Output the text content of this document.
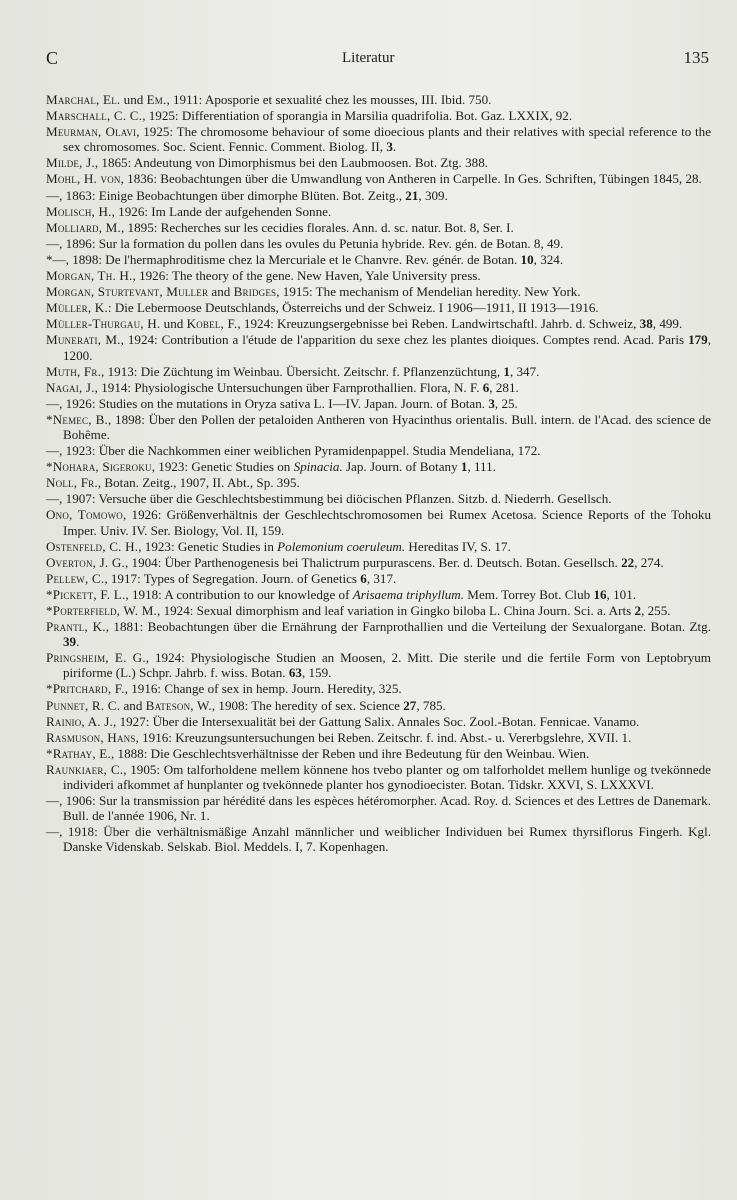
C	Literatur	135

Marchal, El. und Em., 1911: Aposporie et sexualité chez les mousses, III. Ibid. 750.

Marschall, C. C., 1925: Differentiation of sporangia in Marsilia quadrifolia. Bot. Gaz. LXXIX, 92.

Meurman, Olavi, 1925: The chromosome behaviour of some dioecious plants and their relatives with special reference to the sex chromosomes. Soc. Scient. Fennic. Comment. Biolog. II, 3.

Milde, J., 1865: Andeutung von Dimorphismus bei den Laubmoosen. Bot. Ztg. 388.

Mohl, H. von, 1836: Beobachtungen über die Umwandlung von Antheren in Carpelle. In Ges. Schriften, Tübingen 1845, 28.

—, 1863: Einige Beobachtungen über dimorphe Blüten. Bot. Zeitg., 21, 309.

Molisch, H., 1926: Im Lande der aufgehenden Sonne.

Molliard, M., 1895: Recherches sur les cecidies florales. Ann. d. sc. natur. Bot. 8, Ser. I.

—, 1896: Sur la formation du pollen dans les ovules du Petunia hybride. Rev. gén. de Botan. 8, 49.

*—, 1898: De l'hermaphroditisme chez la Mercuriale et le Chanvre. Rev. génér. de Botan. 10, 324.

Morgan, Th. H., 1926: The theory of the gene. New Haven, Yale University press.

Morgan, Sturtevant, Muller and Bridges, 1915: The mechanism of Mendelian heredity. New York.

Müller, K.: Die Lebermoose Deutschlands, Österreichs und der Schweiz. I 1906—1911, II 1913—1916.

Müller-Thurgau, H. und Kobel, F., 1924: Kreuzungsergebnisse bei Reben. Landwirtschaftl. Jahrb. d. Schweiz, 38, 499.

Munerati, M., 1924: Contribution a l'étude de l'apparition du sexe chez les plantes dioiques. Comptes rend. Acad. Paris 179, 1200.

Muth, Fr., 1913: Die Züchtung im Weinbau. Übersicht. Zeitschr. f. Pflanzenzüchtung, 1, 347.

Nagai, J., 1914: Physiologische Untersuchungen über Farnprothallien. Flora, N. F. 6, 281.

—, 1926: Studies on the mutations in Oryza sativa L. I—IV. Japan. Journ. of Botan. 3, 25.

*Nemec, B., 1898: Über den Pollen der petaloiden Antheren von Hyacinthus orientalis. Bull. intern. de l'Acad. des science de Bohême.

—, 1923: Über die Nachkommen einer weiblichen Pyramidenpappel. Studia Mendeliana, 172.

*Nohara, Sigeroku, 1923: Genetic Studies on Spinacia. Jap. Journ. of Botany 1, 111.

Noll, Fr., Botan. Zeitg., 1907, II. Abt., Sp. 395.

—, 1907: Versuche über die Geschlechtsbestimmung bei diöcischen Pflanzen. Sitzb. d. Niederrh. Gesellsch.

Ono, Tomowo, 1926: Größenverhältnis der Geschlechtschromosomen bei Rumex Acetosa. Science Reports of the Tohoku Imper. Univ. IV. Ser. Biology, Vol. II, 159.

Ostenfeld, C. H., 1923: Genetic Studies in Polemonium coeruleum. Hereditas IV, S. 17.

Overton, J. G., 1904: Über Parthenogenesis bei Thalictrum purpurascens. Ber. d. Deutsch. Botan. Gesellsch. 22, 274.

Pellew, C., 1917: Types of Segregation. Journ. of Genetics 6, 317.

*Pickett, F. L., 1918: A contribution to our knowledge of Arisaema triphyllum. Mem. Torrey Bot. Club 16, 101.

*Porterfield, W. M., 1924: Sexual dimorphism and leaf variation in Gingko biloba L. China Journ. Sci. a. Arts 2, 255.

Prantl, K., 1881: Beobachtungen über die Ernährung der Farnprothallien und die Verteilung der Sexualorgane. Botan. Ztg. 39.

Pringsheim, E. G., 1924: Physiologische Studien an Moosen, 2. Mitt. Die sterile und die fertile Form von Leptobryum piriforme (L.) Schpr. Jahrb. f. wiss. Botan. 63, 159.

*Pritchard, F., 1916: Change of sex in hemp. Journ. Heredity, 325.

Punnet, R. C. and Bateson, W., 1908: The heredity of sex. Science 27, 785.

Rainio, A. J., 1927: Über die Intersexualität bei der Gattung Salix. Annales Soc. Zool.-Botan. Fennicae. Vanamo.

Rasmuson, Hans, 1916: Kreuzungsuntersuchungen bei Reben. Zeitschr. f. ind. Abst.- u. Vererbgslehre, XVII. 1.

*Rathay, E., 1888: Die Geschlechtsverhältnisse der Reben und ihre Bedeutung für den Weinbau. Wien.

Raunkiaer, C., 1905: Om talforholdene mellem könnene hos tvebo planter og om talforholdet mellem hunlige og tvekönnede individeri afkommet af hunplanter og tvekönnede planter hos gynodioecister. Botan. Tidskr. XXVI, S. LXXXVI.

—, 1906: Sur la transmission par hérédité dans les espèces hétéromorpher. Acad. Roy. d. Sciences et des Lettres de Danemark. Bull. de l'année 1906, Nr. 1.

—, 1918: Über die verhältnismäßige Anzahl männlicher und weiblicher Individuen bei Rumex thyrsiflorus Fingerh. Kgl. Danske Videnskab. Selskab. Biol. Meddels. I, 7. Kopenhagen.
